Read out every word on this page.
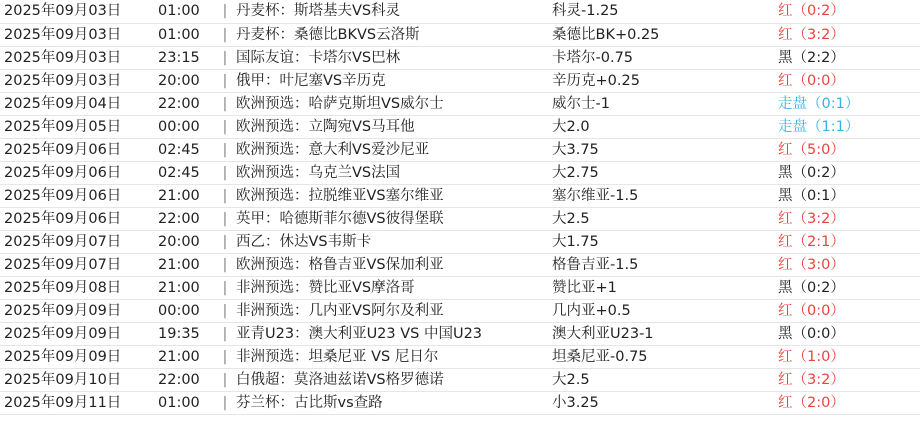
2025年09月03日	01:00	|	丹麦杯：斯塔基夫VS科灵	科灵-1.25	红（0:2）
2025年09月03日	01:00	|	丹麦杯：桑德比BKVS云洛斯	桑德比BK+0.25	红（3:2）
2025年09月03日	23:15	|	国际友谊：卡塔尔VS巴林	卡塔尔-0.75	黑（2:2）
2025年09月03日	20:00	|	俄甲：叶尼塞VS辛历克	辛历克+0.25	红（0:0）
2025年09月04日	22:00	|	欧洲预选：哈萨克斯坦VS威尔士	威尔士-1	走盘（0:1）
2025年09月05日	00:00	|	欧洲预选：立陶宛VS马耳他	大2.0	走盘（1:1）
2025年09月06日	02:45	|	欧洲预选：意大利VS爱沙尼亚	大3.75	红（5:0）
2025年09月06日	02:45	|	欧洲预选：乌克兰VS法国	大2.75	黑（0:2）
2025年09月06日	21:00	|	欧洲预选：拉脱维亚VS塞尔维亚	塞尔维亚-1.5	黑（0:1）
2025年09月06日	22:00	|	英甲：哈德斯菲尔德VS彼得堡联	大2.5	红（3:2）
2025年09月07日	20:00	|	西乙：休达VS韦斯卡	大1.75	红（2:1）
2025年09月07日	21:00	|	欧洲预选：格鲁吉亚VS保加利亚	格鲁吉亚-1.5	红（3:0）
2025年09月08日	21:00	|	非洲预选：赞比亚VS摩洛哥	赞比亚+1	黑（0:2）
2025年09月09日	00:00	|	非洲预选：几内亚VS阿尔及利亚	几内亚+0.5	红（0:0）
2025年09月09日	19:35	|	亚青U23：澳大利亚U23 VS 中国U23	澳大利亚U23-1	黑（0:0）
2025年09月09日	21:00	|	非洲预选：坦桑尼亚 VS 尼日尔	坦桑尼亚-0.75	红（1:0）
2025年09月10日	22:00	|	白俄超：莫洛迪兹诺VS格罗德诺	大2.5	红（3:2）
2025年09月11日	01:00	|	芬兰杯：古比斯vs查路	小3.25	红（2:0）
